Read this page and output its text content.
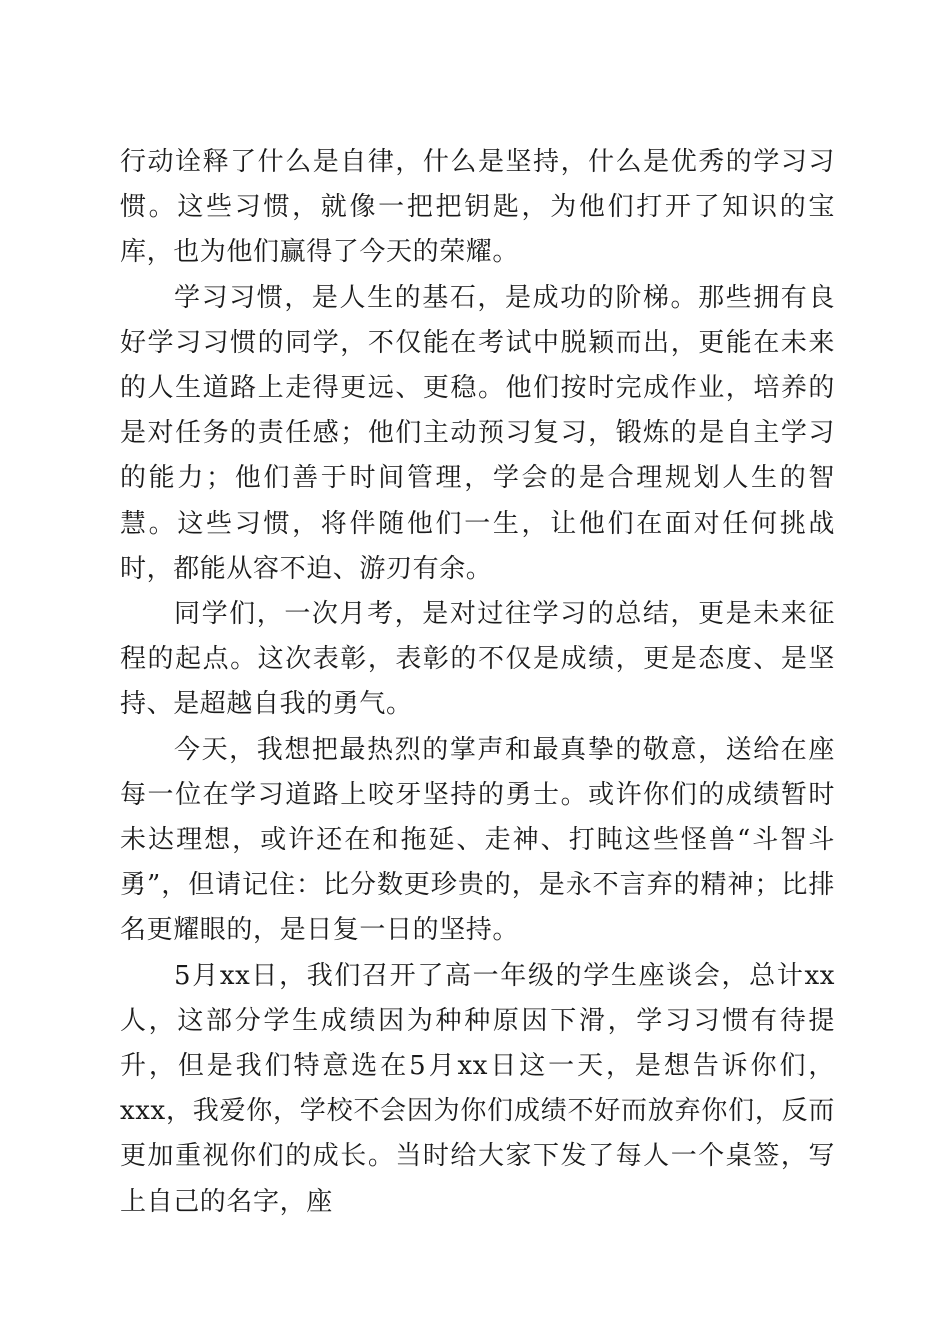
行动诠释了什么是自律，什么是坚持，什么是优秀的学习习惯。这些习惯，就像一把把钥匙，为他们打开了知识的宝库，也为他们赢得了今天的荣耀。

学习习惯，是人生的基石，是成功的阶梯。那些拥有良好学习习惯的同学，不仅能在考试中脱颖而出，更能在未来的人生道路上走得更远、更稳。他们按时完成作业，培养的是对任务的责任感；他们主动预习复习，锻炼的是自主学习的能力；他们善于时间管理，学会的是合理规划人生的智慧。这些习惯，将伴随他们一生，让他们在面对任何挑战时，都能从容不迫、游刃有余。

同学们，一次月考，是对过往学习的总结，更是未来征程的起点。这次表彰，表彰的不仅是成绩，更是态度、是坚持、是超越自我的勇气。

今天，我想把最热烈的掌声和最真挚的敬意，送给在座每一位在学习道路上咬牙坚持的勇士。或许你们的成绩暂时未达理想，或许还在和拖延、走神、打盹这些怪兽“斗智斗勇”，但请记住：比分数更珍贵的，是永不言弃的精神；比排名更耀眼的，是日复一日的坚持。

5月xx日，我们召开了高一年级的学生座谈会，总计xx人，这部分学生成绩因为种种原因下滑，学习习惯有待提升，但是我们特意选在5月xx日这一天，是想告诉你们，xxx，我爱你，学校不会因为你们成绩不好而放弃你们，反而更加重视你们的成长。当时给大家下发了每人一个桌签，写上自己的名字，座
